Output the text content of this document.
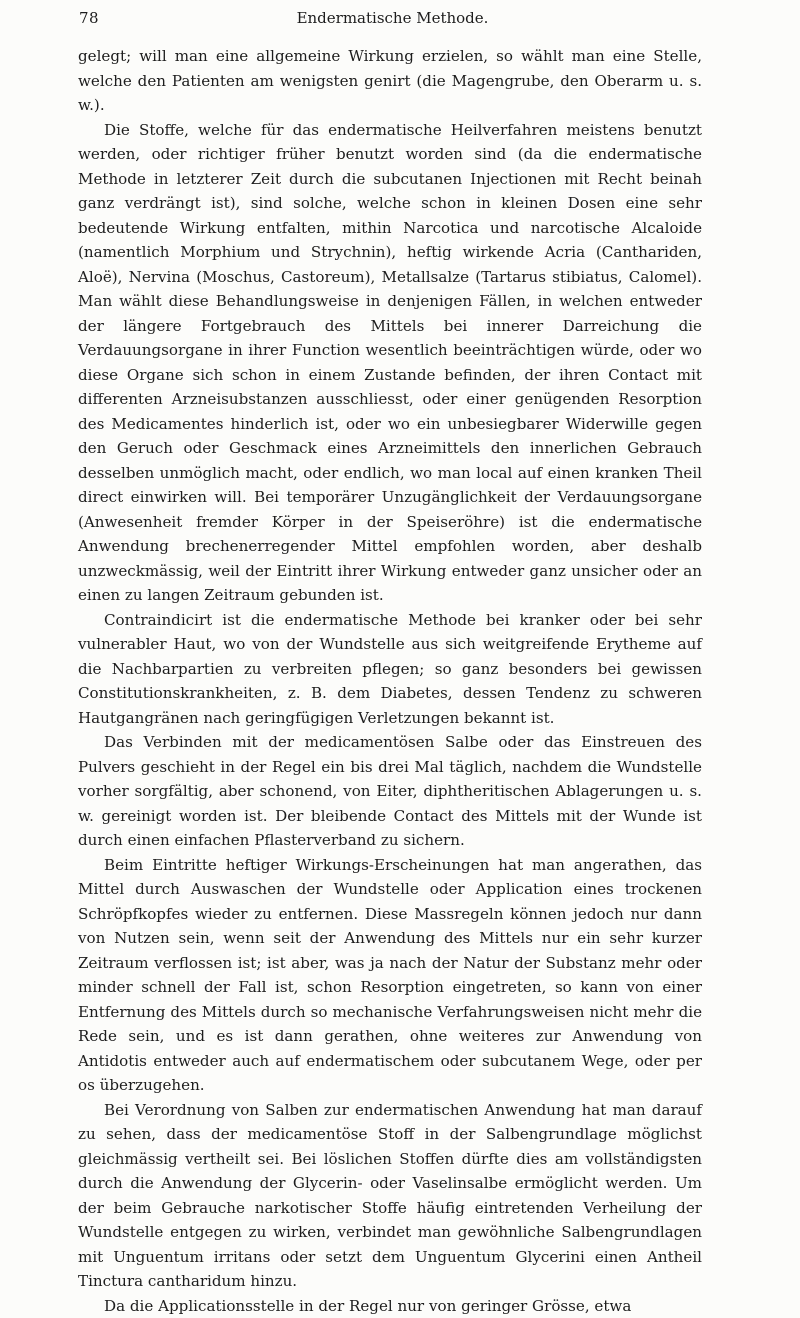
78	Endermatische Methode.

gelegt; will man eine allgemeine Wirkung erzielen, so wählt man eine Stelle, welche den Patienten am wenigsten genirt (die Magengrube, den Oberarm u. s. w.).

Die Stoffe, welche für das endermatische Heilverfahren meistens benutzt werden, oder richtiger früher benutzt worden sind (da die endermatische Methode in letzterer Zeit durch die subcutanen Injectionen mit Recht beinah ganz verdrängt ist), sind solche, welche schon in kleinen Dosen eine sehr bedeutende Wirkung entfalten, mithin Narcotica und narcotische Alcaloide (namentlich Morphium und Strychnin), heftig wirkende Acria (Canthariden, Aloë), Nervina (Moschus, Castoreum), Metallsalze (Tartarus stibiatus, Calomel). Man wählt diese Behandlungsweise in denjenigen Fällen, in welchen entweder der längere Fortgebrauch des Mittels bei innerer Darreichung die Verdauungsorgane in ihrer Function wesentlich beeinträchtigen würde, oder wo diese Organe sich schon in einem Zustande befinden, der ihren Contact mit differenten Arzneisubstanzen ausschliesst, oder einer genügenden Resorption des Medicamentes hinderlich ist, oder wo ein unbesiegbarer Widerwille gegen den Geruch oder Geschmack eines Arzneimittels den innerlichen Gebrauch desselben unmöglich macht, oder endlich, wo man local auf einen kranken Theil direct einwirken will. Bei temporärer Unzugänglichkeit der Verdauungsorgane (Anwesenheit fremder Körper in der Speiseröhre) ist die endermatische Anwendung brechenerregender Mittel empfohlen worden, aber deshalb unzweckmässig, weil der Eintritt ihrer Wirkung entweder ganz unsicher oder an einen zu langen Zeitraum gebunden ist.

Contraindicirt ist die endermatische Methode bei kranker oder bei sehr vulnerabler Haut, wo von der Wundstelle aus sich weitgreifende Erytheme auf die Nachbarpartien zu verbreiten pflegen; so ganz besonders bei gewissen Constitutionskrankheiten, z. B. dem Diabetes, dessen Tendenz zu schweren Hautgangränen nach geringfügigen Verletzungen bekannt ist.

Das Verbinden mit der medicamentösen Salbe oder das Einstreuen des Pulvers geschieht in der Regel ein bis drei Mal täglich, nachdem die Wundstelle vorher sorgfältig, aber schonend, von Eiter, diphtheritischen Ablagerungen u. s. w. gereinigt worden ist. Der bleibende Contact des Mittels mit der Wunde ist durch einen einfachen Pflasterverband zu sichern.

Beim Eintritte heftiger Wirkungs-Erscheinungen hat man angerathen, das Mittel durch Auswaschen der Wundstelle oder Application eines trockenen Schröpfkopfes wieder zu entfernen. Diese Massregeln können jedoch nur dann von Nutzen sein, wenn seit der Anwendung des Mittels nur ein sehr kurzer Zeitraum verflossen ist; ist aber, was ja nach der Natur der Substanz mehr oder minder schnell der Fall ist, schon Resorption eingetreten, so kann von einer Entfernung des Mittels durch so mechanische Verfahrungsweisen nicht mehr die Rede sein, und es ist dann gerathen, ohne weiteres zur Anwendung von Antidotis entweder auch auf endermatischem oder subcutanem Wege, oder per os überzugehen.

Bei Verordnung von Salben zur endermatischen Anwendung hat man darauf zu sehen, dass der medicamentöse Stoff in der Salbengrundlage möglichst gleichmässig vertheilt sei. Bei löslichen Stoffen dürfte dies am vollständigsten durch die Anwendung der Glycerin- oder Vaselinsalbe ermöglicht werden. Um der beim Gebrauche narkotischer Stoffe häufig eintretenden Verheilung der Wundstelle entgegen zu wirken, verbindet man gewöhnliche Salbengrundlagen mit Unguentum irritans oder setzt dem Unguentum Glycerini einen Antheil Tinctura cantharidum hinzu.

Da die Applicationsstelle in der Regel nur von geringer Grösse, etwa
